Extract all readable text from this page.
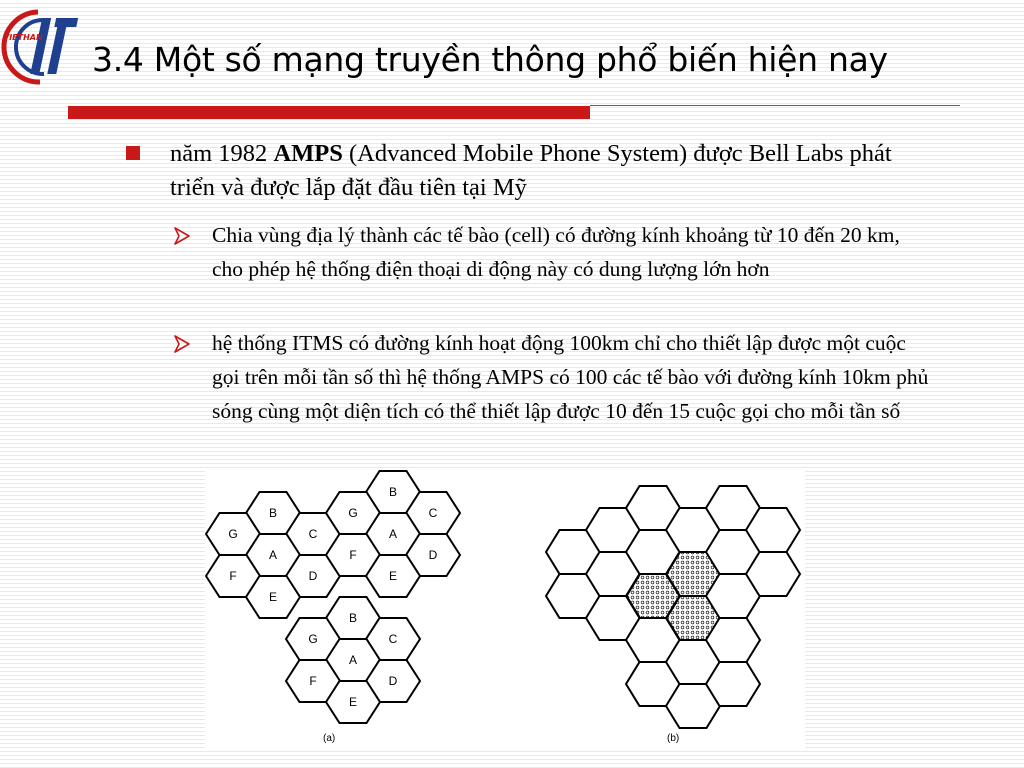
VIETHAN
3.4 Một số mạng truyền thông phổ biến hiện nay
năm 1982 AMPS (Advanced Mobile Phone System) được Bell Labs phát triển và được lắp đặt đầu tiên tại Mỹ
Chia vùng địa lý thành các tế bào (cell) có đường kính khoảng từ 10 đến 20 km, cho phép hệ thống điện thoại di động này có dung lượng lớn hơn
hệ thống ITMS có đường kính hoạt động 100km chỉ cho thiết lập được một cuộc gọi trên mỗi tần số thì hệ thống AMPS có 100 các tế bào với đường kính 10km phủ sóng cùng một diện tích có thể thiết lập được 10 đến 15 cuộc gọi cho mỗi tần số
B
G	C
A
F	D
E
B
G	C
A
F	D
E
B
G	C
A
F	D
E
(a)	(b)
